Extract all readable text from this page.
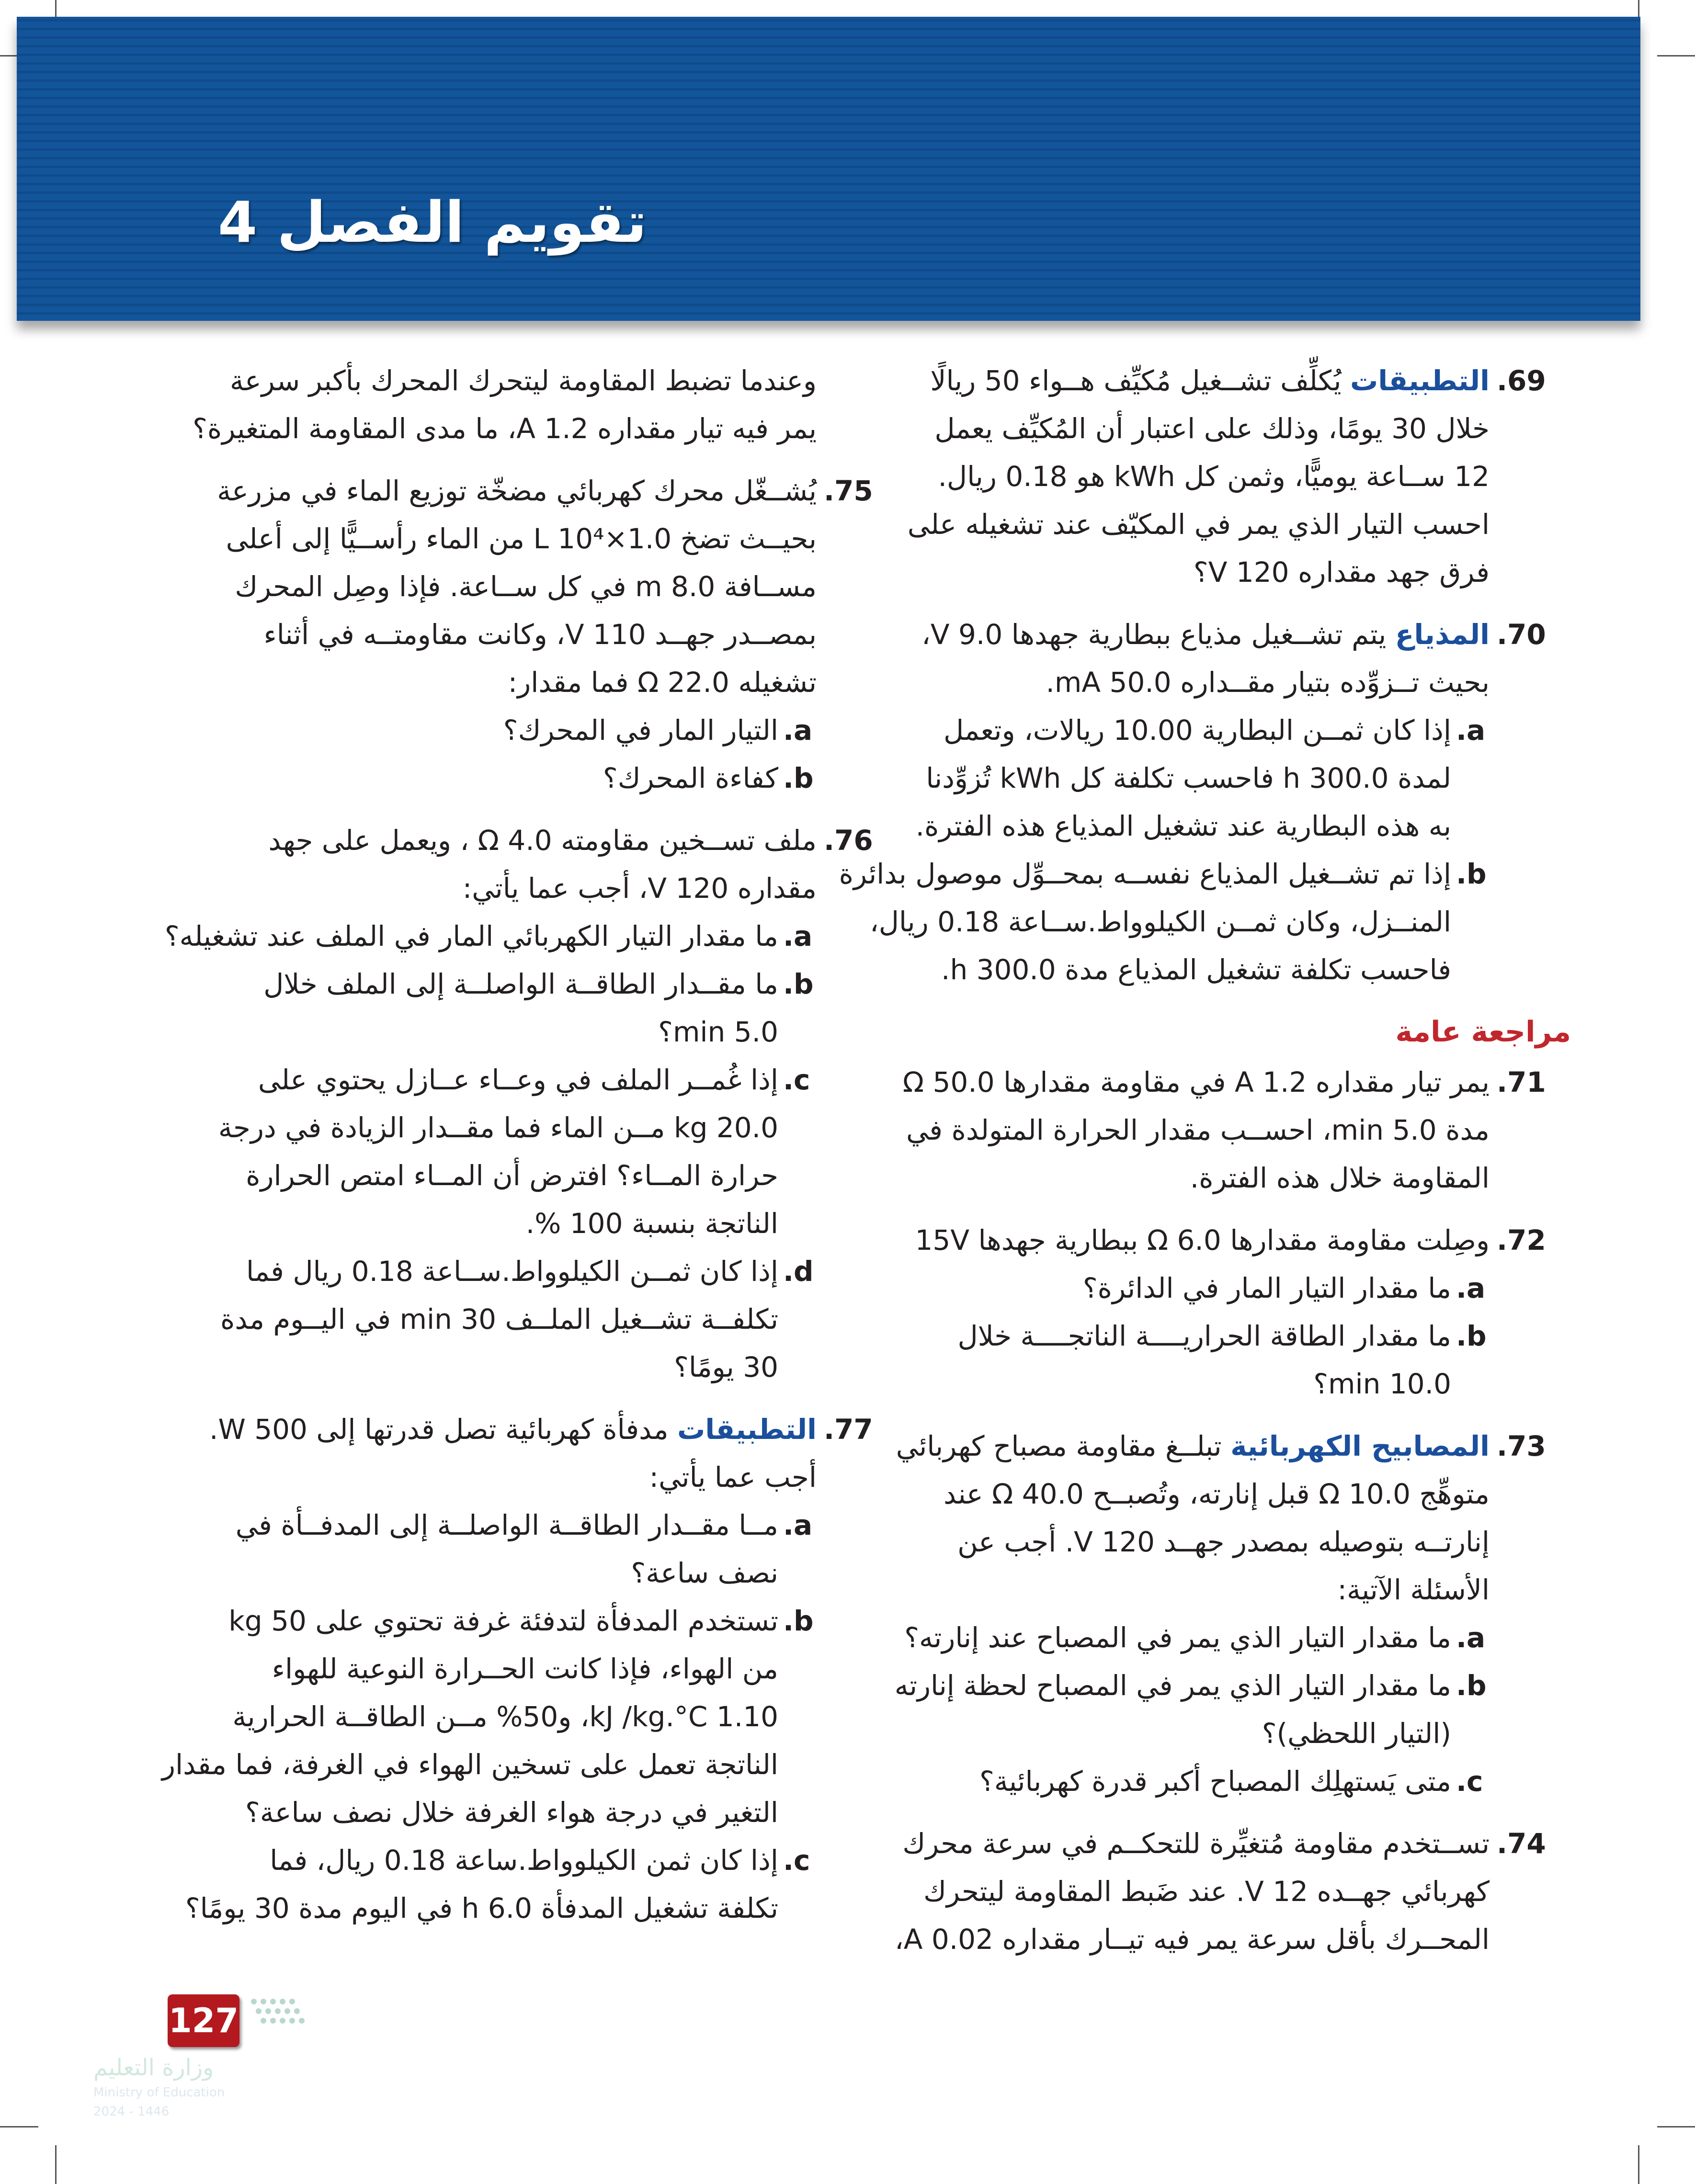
تقويم الفصل 4
.69
التطبيقات يُكلِّف تشــغيل مُكيِّف هــواء 50 ريالًا
خلال 30 يومًا، وذلك على اعتبار أن المُكيِّف يعمل
12 ســاعة يوميًّا، وثمن كل kWh هو 0.18 ريال.
احسب التيار الذي يمر في المكيّف عند تشغيله على
فرق جهد مقداره 120 V؟
.70
المذياع يتم تشــغيل مذياع ببطارية جهدها 9.0 V،
بحيث تــزوِّده بتيار مقــداره 50.0 mA.
.a
إذا كان ثمــن البطارية 10.00 ريالات، وتعمل
لمدة 300.0 h فاحسب تكلفة كل kWh تُزوِّدنا
به هذه البطارية عند تشغيل المذياع هذه الفترة.
.b
إذا تم تشــغيل المذياع نفســه بمحــوِّل موصول بدائرة
المنــزل، وكان ثمــن الكيلوواط.ســاعة 0.18 ريال،
فاحسب تكلفة تشغيل المذياع مدة 300.0 h.
مراجعة عامة
.71
يمر تيار مقداره 1.2 A في مقاومة مقدارها 50.0 Ω
مدة 5.0 min، احســب مقدار الحرارة المتولدة في
المقاومة خلال هذه الفترة.
.72
وصِلت مقاومة مقدارها 6.0 Ω ببطارية جهدها 15V
.a
ما مقدار التيار المار في الدائرة؟
.b
ما مقدار الطاقة الحراريــــة الناتجــــة خلال
10.0 min؟
.73
المصابيح الكهربائية تبلــغ مقاومة مصباح كهربائي
متوهِّج 10.0 Ω قبل إنارته، وتُصبــح 40.0 Ω عند
إنارتــه بتوصيله بمصدر جهــد 120 V. أجب عن
الأسئلة الآتية:
.a
ما مقدار التيار الذي يمر في المصباح عند إنارته؟
.b
ما مقدار التيار الذي يمر في المصباح لحظة إنارته
(التيار اللحظي)؟
.c
متى يَستهلِك المصباح أكبر قدرة كهربائية؟
.74
تســتخدم مقاومة مُتغيِّرة للتحكــم في سرعة محرك
كهربائي جهــده 12 V. عند ضَبط المقاومة ليتحرك
المحــرك بأقل سرعة يمر فيه تيــار مقداره 0.02 A،
وعندما تضبط المقاومة ليتحرك المحرك بأكبر سرعة
يمر فيه تيار مقداره 1.2 A، ما مدى المقاومة المتغيرة؟
.75
يُشــغّل محرك كهربائي مضخّة توزيع الماء في مزرعة
بحيــث تضخ 1.0×10⁴ L من الماء رأســيًّا إلى أعلى
مســافة 8.0 m في كل ســاعة. فإذا وصِل المحرك
بمصــدر جهــد 110 V، وكانت مقاومتــه في أثناء
تشغيله 22.0 Ω فما مقدار:
.a
التيار المار في المحرك؟
.b
كفاءة المحرك؟
.76
ملف تســخين مقاومته 4.0 Ω ، ويعمل على جهد
مقداره 120 V، أجب عما يأتي:
.a
ما مقدار التيار الكهربائي المار في الملف عند تشغيله؟
.b
ما مقــدار الطاقــة الواصلــة إلى الملف خلال
5.0 min؟
.c
إذا غُمــر الملف في وعــاء عــازل يحتوي على
20.0 kg مــن الماء فما مقــدار الزيادة في درجة
حرارة المــاء؟ افترض أن المــاء امتص الحرارة
الناتجة بنسبة 100 %.
.d
إذا كان ثمــن الكيلوواط.ســاعة 0.18 ريال فما
تكلفــة تشــغيل الملــف 30 min في اليــوم مدة
30 يومًا؟
.77
التطبيقات مدفأة كهربائية تصل قدرتها إلى 500 W.
أجب عما يأتي:
.a
مــا مقــدار الطاقــة الواصلــة إلى المدفــأة في
نصف ساعة؟
.b
تستخدم المدفأة لتدفئة غرفة تحتوي على 50 kg
من الهواء، فإذا كانت الحــرارة النوعية للهواء
1.10 kJ /kg.°C، و50% مــن الطاقــة الحرارية
الناتجة تعمل على تسخين الهواء في الغرفة، فما مقدار
التغير في درجة هواء الغرفة خلال نصف ساعة؟
.c
إذا كان ثمن الكيلوواط.ساعة 0.18 ريال، فما
تكلفة تشغيل المدفأة 6.0 h في اليوم مدة 30 يومًا؟
127
وزارة التعليم
Ministry of Education
2024 - 1446
